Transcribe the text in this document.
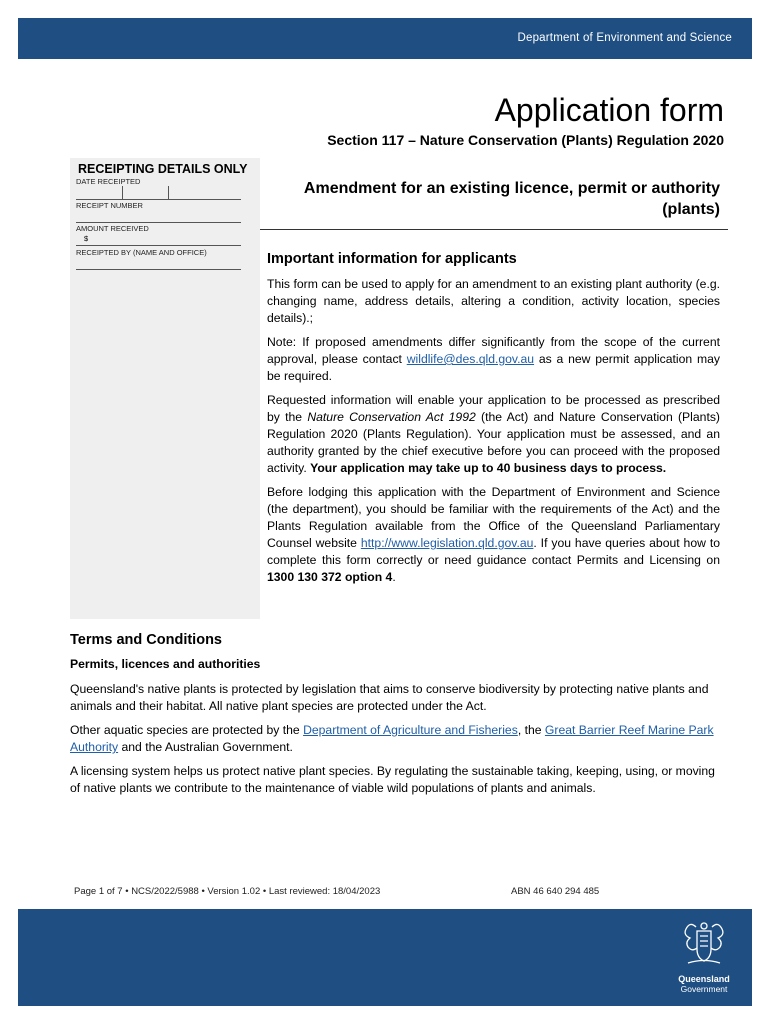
Department of Environment and Science
Application form
Section 117 – Nature Conservation (Plants) Regulation 2020
RECEIPTING DETAILS ONLY
DATE RECEIPTED
RECEIPT NUMBER
AMOUNT RECEIVED
$
RECEIPTED BY (NAME AND OFFICE)
Amendment for an existing licence, permit or authority (plants)
Important information for applicants

This form can be used to apply for an amendment to an existing plant authority (e.g. changing name, address details, altering a condition, activity location, species details).;

Note: If proposed amendments differ significantly from the scope of the current approval, please contact wildlife@des.qld.gov.au as a new permit application may be required.

Requested information will enable your application to be processed as prescribed by the Nature Conservation Act 1992 (the Act) and Nature Conservation (Plants) Regulation 2020 (Plants Regulation). Your application must be assessed, and an authority granted by the chief executive before you can proceed with the proposed activity. Your application may take up to 40 business days to process.

Before lodging this application with the Department of Environment and Science (the department), you should be familiar with the requirements of the Act) and the Plants Regulation available from the Office of the Queensland Parliamentary Counsel website http://www.legislation.qld.gov.au. If you have queries about how to complete this form correctly or need guidance contact Permits and Licensing on 1300 130 372 option 4.

Terms and Conditions
Permits, licences and authorities

Queensland's native plants is protected by legislation that aims to conserve biodiversity by protecting native plants and animals and their habitat. All native plant species are protected under the Act.

Other aquatic species are protected by the Department of Agriculture and Fisheries, the Great Barrier Reef Marine Park Authority and the Australian Government.

A licensing system helps us protect native plant species. By regulating the sustainable taking, keeping, using, or moving of native plants we contribute to the maintenance of viable wild populations of plants and animals.

Page 1 of 7 • NCS/2022/5988 • Version 1.02 • Last reviewed: 18/04/2023	ABN 46 640 294 485
Queensland
Government
